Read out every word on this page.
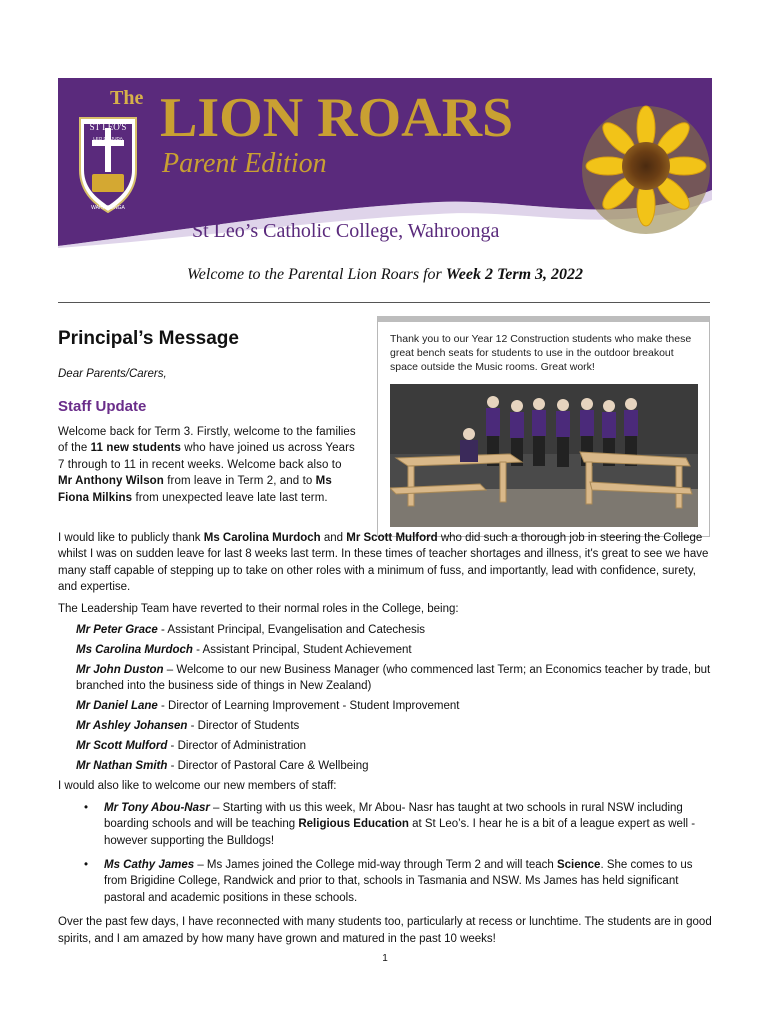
ST LEO'S
LEO DE JUDA
WAHROONGA
The LION ROARS
Parent Edition
St Leo’s Catholic College, Wahroonga
Welcome to the Parental Lion Roars for Week 2 Term 3, 2022
Principal’s Message
Dear Parents/Carers,
Staff Update
Welcome back for Term 3. Firstly, welcome to the families of the 11 new students who have joined us across Years 7 through to 11 in recent weeks. Welcome back also to Mr Anthony Wilson from leave in Term 2, and to Ms Fiona Milkins from unexpected leave late last term.
Thank you to our Year 12 Construction students who make these great bench seats for students to use in the outdoor breakout space outside the Music rooms. Great work!

I would like to publicly thank Ms Carolina Murdoch and Mr Scott Mulford who did such a thorough job in steering the College whilst I was on sudden leave for last 8 weeks last term. In these times of teacher shortages and illness, it's great to see we have many staff capable of stepping up to take on other roles with a minimum of fuss, and importantly, lead with confidence, surety, and expertise.

The Leadership Team have reverted to their normal roles in the College, being:

Mr Peter Grace - Assistant Principal, Evangelisation and Catechesis
Ms Carolina Murdoch - Assistant Principal, Student Achievement
Mr John Duston – Welcome to our new Business Manager (who commenced last Term; an Economics teacher by trade, but branched into the business side of things in New Zealand)
Mr Daniel Lane - Director of Learning Improvement - Student Improvement
Mr Ashley Johansen - Director of Students
Mr Scott Mulford - Director of Administration
Mr Nathan Smith - Director of Pastoral Care & Wellbeing

I would also like to welcome our new members of staff:

• Mr Tony Abou-Nasr – Starting with us this week, Mr Abou- Nasr has taught at two schools in rural NSW including boarding schools and will be teaching Religious Education at St Leo’s. I hear he is a bit of a league expert as well - however supporting the Bulldogs!
• Ms Cathy James – Ms James joined the College mid-way through Term 2 and will teach Science. She comes to us from Brigidine College, Randwick and prior to that, schools in Tasmania and NSW. Ms James has held significant pastoral and academic positions in these schools.

Over the past few days, I have reconnected with many students too, particularly at recess or lunchtime. The students are in good spirits, and I am amazed by how many have grown and matured in the past 10 weeks!

1
